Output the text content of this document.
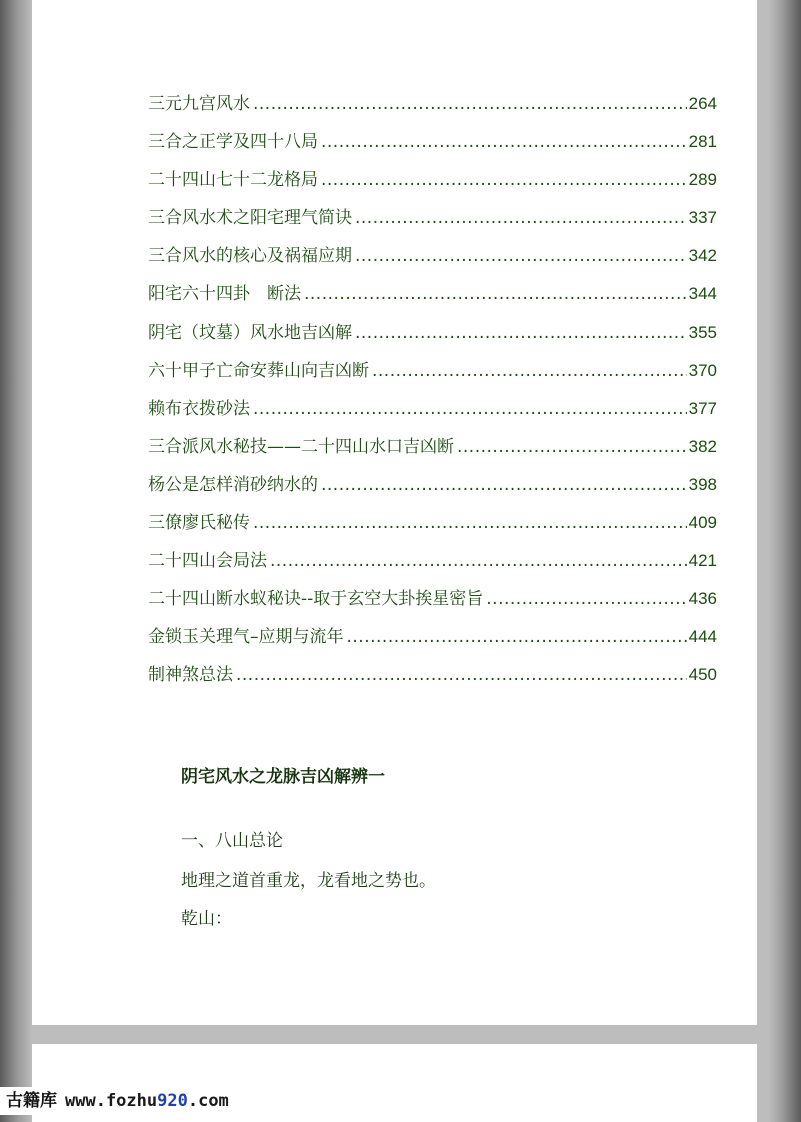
三元九宫风水 .....	264
三合之正学及四十八局 .....	281
二十四山七十二龙格局 .....	289
三合风水术之阳宅理气简诀 .....	337
三合风水的核心及祸福应期 .....	342
阳宅六十四卦　断法 .....	344
阴宅（坟墓）风水地吉凶解 .....	355
六十甲子亡命安葬山向吉凶断 .....	370
赖布衣拨砂法 .....	377
三合派风水秘技——二十四山水口吉凶断 .....	382
杨公是怎样消砂纳水的 .....	398
三僚廖氏秘传 .....	409
二十四山会局法 .....	421
二十四山断水蚁秘诀--取于玄空大卦挨星密旨 .....	436
金锁玉关理气–应期与流年 .....	444
制神煞总法 .....	450
阴宅风水之龙脉吉凶解辨一

一、八山总论

地理之道首重龙，龙看地之势也。

乾山：

古籍库 www.fozhu920.com
